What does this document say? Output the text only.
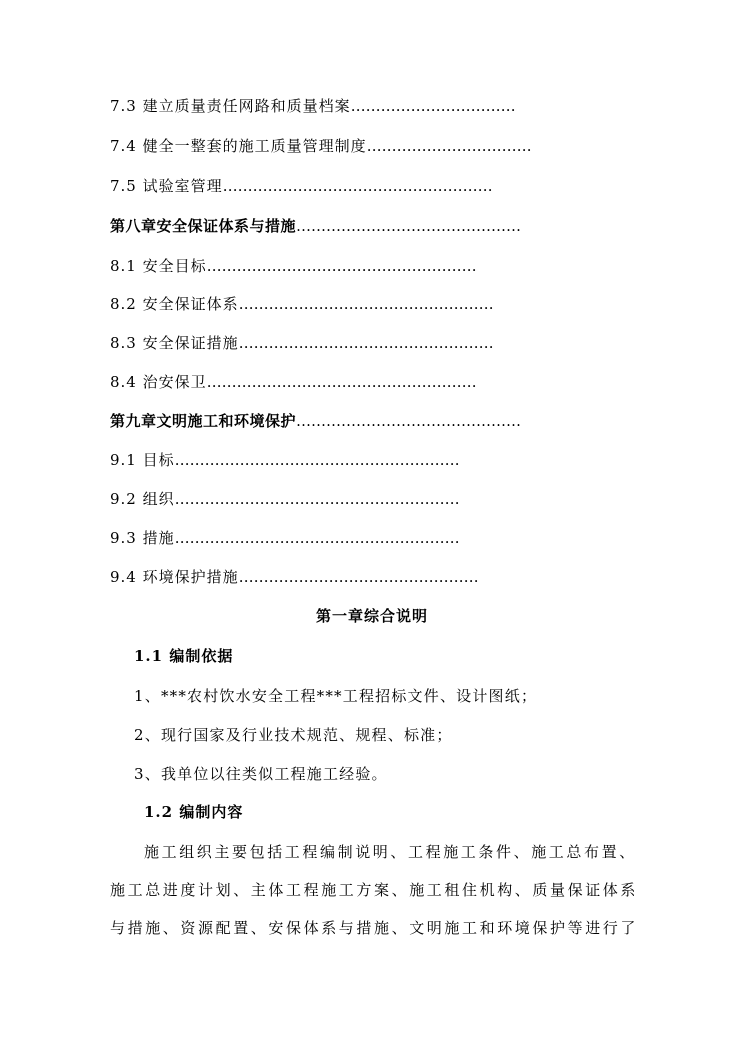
7.3 建立质量责任网路和质量档案……………………………
7.4 健全一整套的施工质量管理制度……………………………
7.5 试验室管理………………………………………………
第八章安全保证体系与措施………………………………………
8.1 安全目标………………………………………………
8.2 安全保证体系……………………………………………
8.3 安全保证措施……………………………………………
8.4 治安保卫………………………………………………
第九章文明施工和环境保护………………………………………
9.1 目标…………………………………………………
9.2 组织…………………………………………………
9.3 措施…………………………………………………
9.4 环境保护措施…………………………………………
第一章综合说明
1.1 编制依据
1、***农村饮水安全工程***工程招标文件、设计图纸；
2、现行国家及行业技术规范、规程、标准；
3、我单位以往类似工程施工经验。
1.2 编制内容
施工组织主要包括工程编制说明、工程施工条件、施工总布置、
施工总进度计划、主体工程施工方案、施工租住机构、质量保证体系
与措施、资源配置、安保体系与措施、文明施工和环境保护等进行了
